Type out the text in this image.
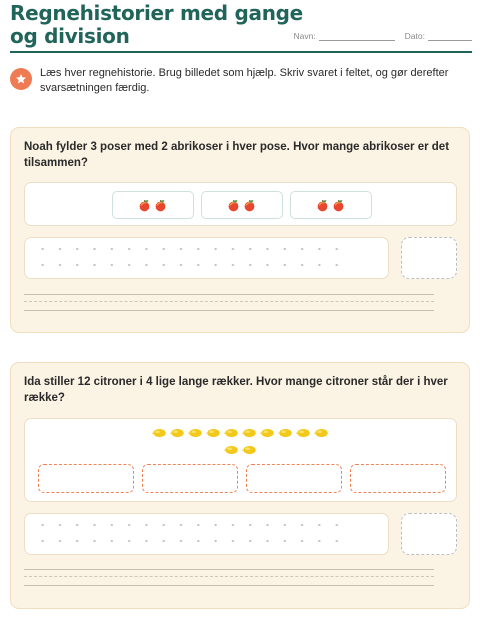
Regnehistorier med gange
og division	Navn:	Dato:
Læs hver regnehistorie. Brug billedet som hjælp. Skriv svaret i feltet, og gør derefter svarsætningen færdig.
Noah fylder 3 poser med 2 abrikoser i hver pose. Hvor mange abrikoser er det tilsammen?
Ida stiller 12 citroner i 4 lige lange rækker. Hvor mange citroner står der i hver række?
